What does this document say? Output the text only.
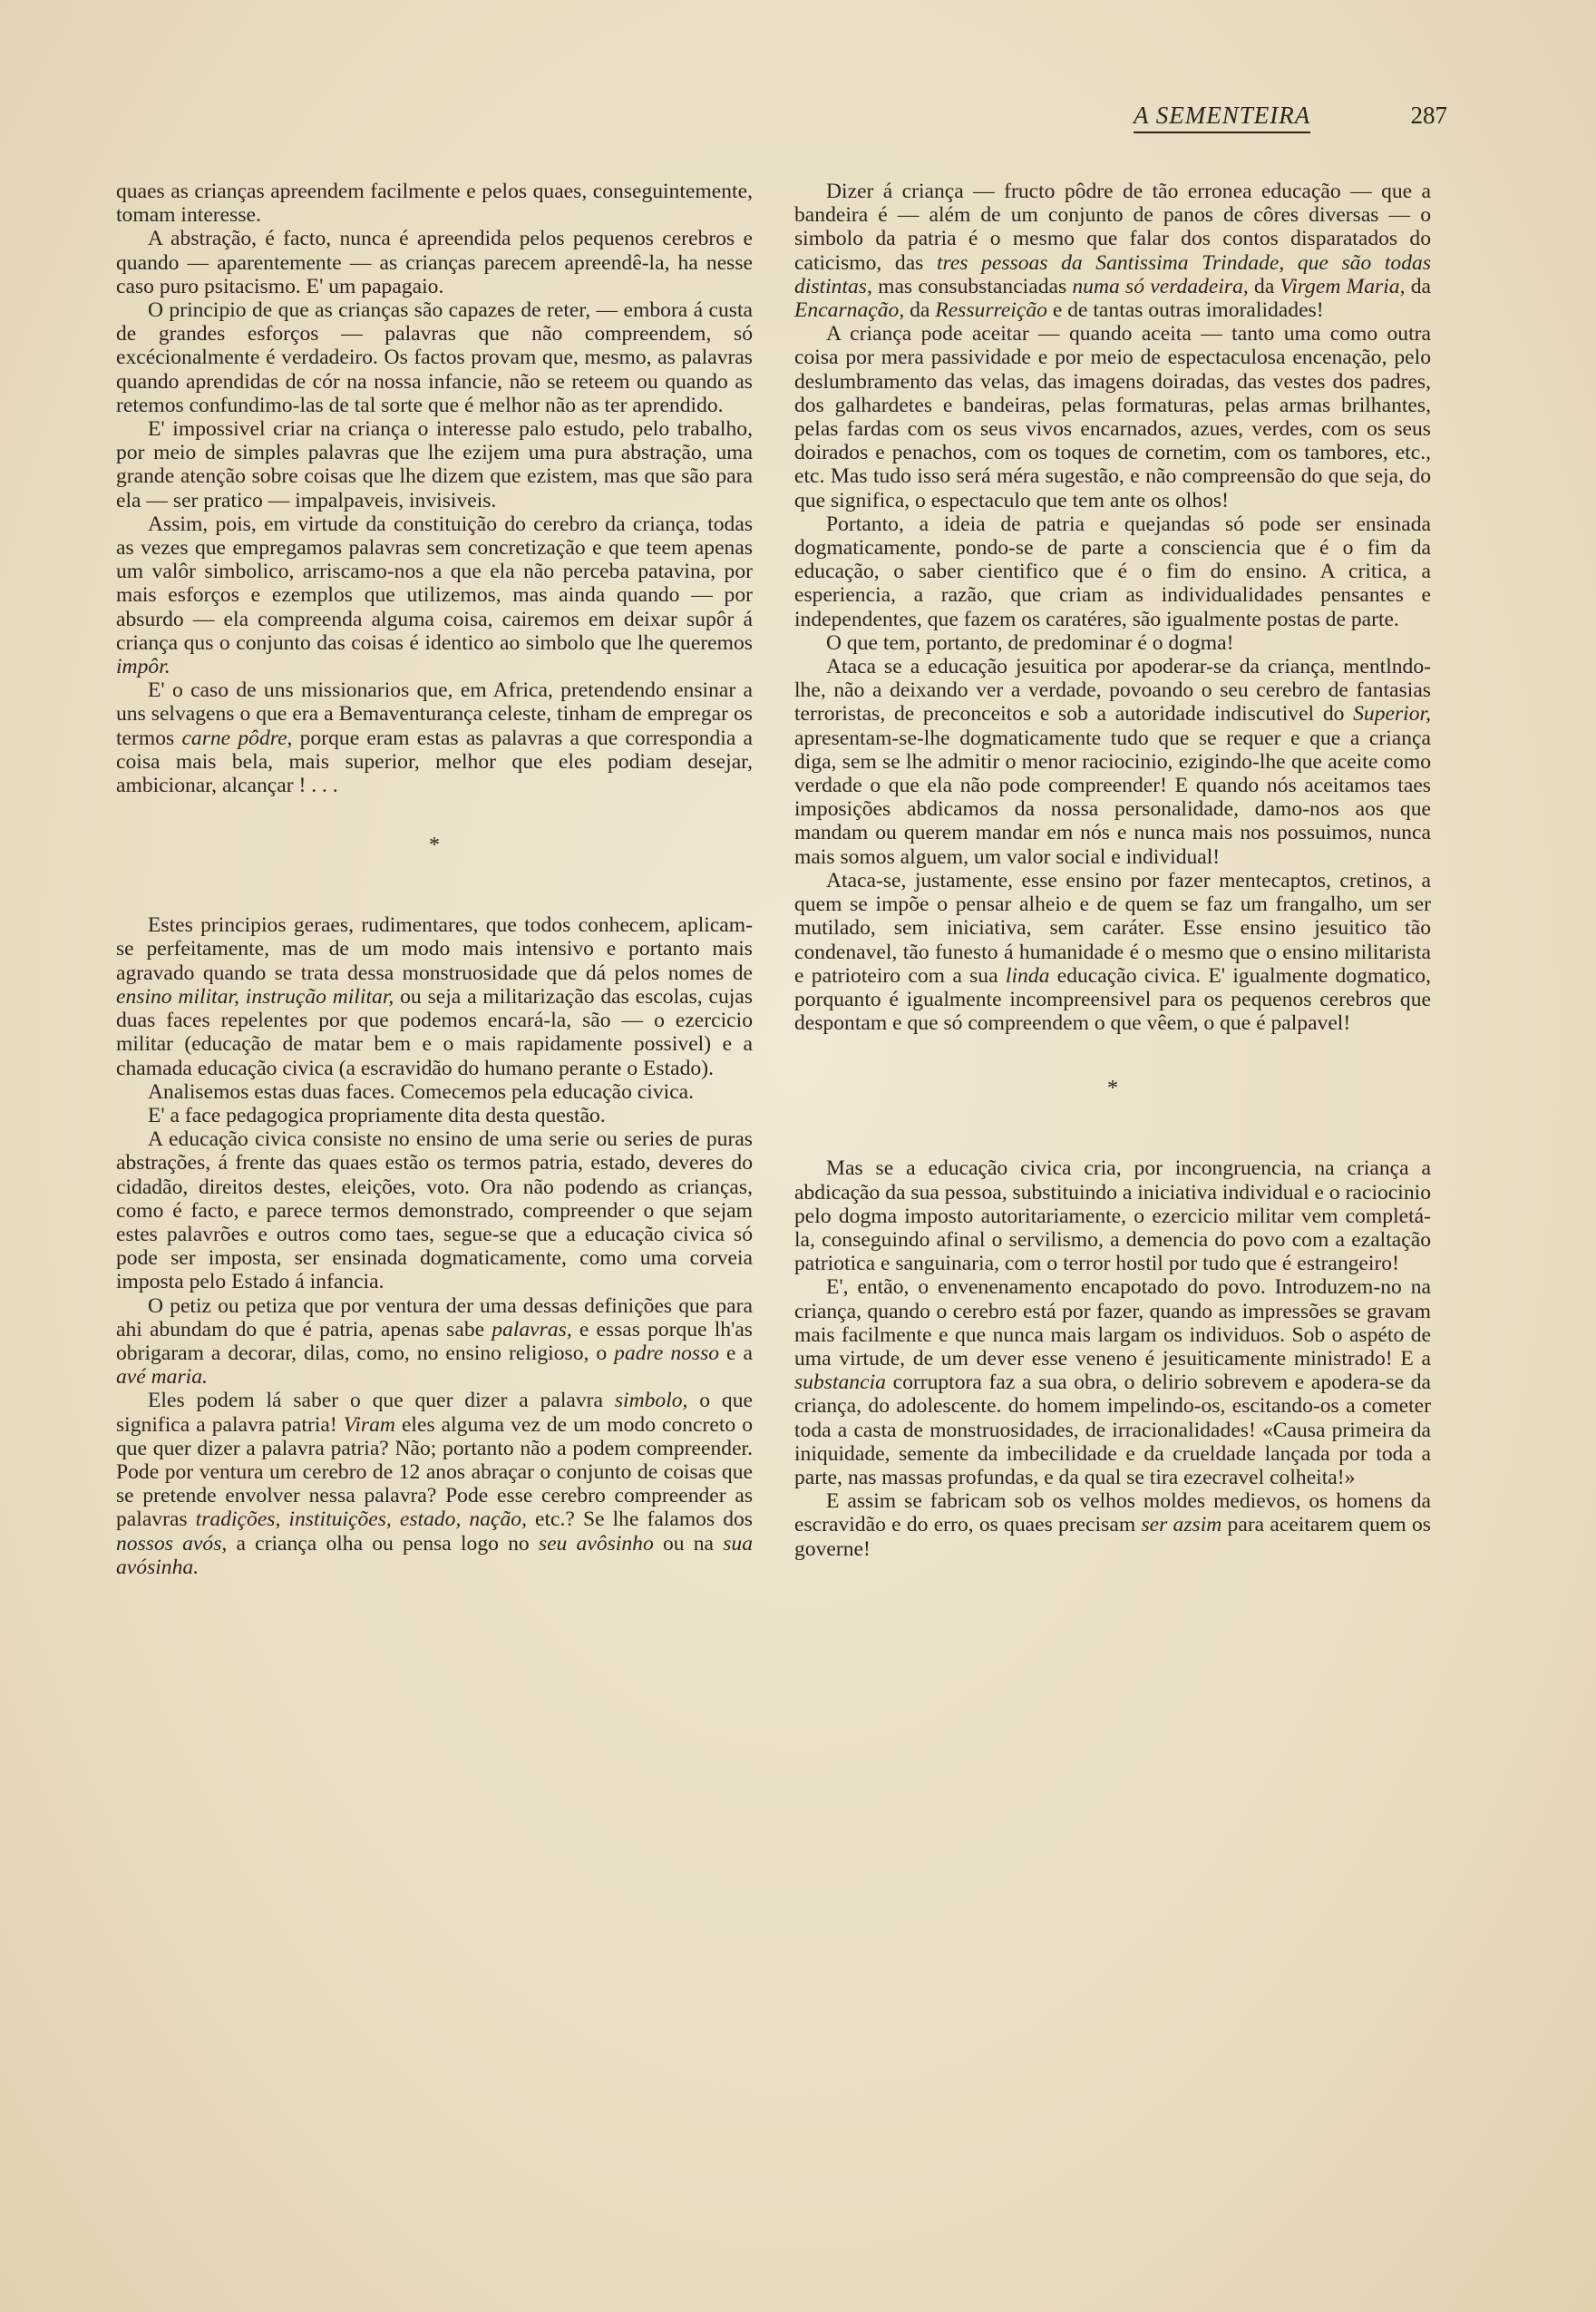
A SEMENTEIRA	287

quaes as crianças apreendem facilmente e pelos quaes, conseguintemente, tomam interesse.

A abstração, é facto, nunca é apreendida pelos pequenos cerebros e quando — aparentemente — as crianças parecem apreendê-la, ha nesse caso puro psitacismo. E' um papagaio.

O principio de que as crianças são capazes de reter, — embora á custa de grandes esforços — palavras que não compreendem, só excécionalmente é verdadeiro. Os factos provam que, mesmo, as palavras quando aprendidas de cór na nossa infancie, não se reteem ou quando as retemos confundimo-las de tal sorte que é melhor não as ter aprendido.

E' impossivel criar na criança o interesse palo estudo, pelo trabalho, por meio de simples palavras que lhe ezijem uma pura abstração, uma grande atenção sobre coisas que lhe dizem que ezistem, mas que são para ela — ser pratico — impalpaveis, invisiveis.

Assim, pois, em virtude da constituição do cerebro da criança, todas as vezes que empregamos palavras sem concretização e que teem apenas um valôr simbolico, arriscamo-nos a que ela não perceba patavina, por mais esforços e ezemplos que utilizemos, mas ainda quando — por absurdo — ela compreenda alguma coisa, cairemos em deixar supôr á criança qus o conjunto das coisas é identico ao simbolo que lhe queremos impôr.

E' o caso de uns missionarios que, em Africa, pretendendo ensinar a uns selvagens o que era a Bemaventurança celeste, tinham de empregar os termos carne pôdre, porque eram estas as palavras a que correspondia a coisa mais bela, mais superior, melhor que eles podiam desejar, ambicionar, alcançar ! . . .

*

Estes principios geraes, rudimentares, que todos conhecem, aplicam-se perfeitamente, mas de um modo mais intensivo e portanto mais agravado quando se trata dessa monstruosidade que dá pelos nomes de ensino militar, instrução militar, ou seja a militarização das escolas, cujas duas faces repelentes por que podemos encará-la, são — o ezercicio militar (educação de matar bem e o mais rapidamente possivel) e a chamada educação civica (a escravidão do humano perante o Estado).

Analisemos estas duas faces. Comecemos pela educação civica.

E' a face pedagogica propriamente dita desta questão.

A educação civica consiste no ensino de uma serie ou series de puras abstrações, á frente das quaes estão os termos patria, estado, deveres do cidadão, direitos destes, eleições, voto. Ora não podendo as crianças, como é facto, e parece termos demonstrado, compreender o que sejam estes palavrões e outros como taes, segue-se que a educação civica só pode ser imposta, ser ensinada dogmaticamente, como uma corveia imposta pelo Estado á infancia.

O petiz ou petiza que por ventura der uma dessas definições que para ahi abundam do que é patria, apenas sabe palavras, e essas porque lh'as obrigaram a decorar, dilas, como, no ensino religioso, o padre nosso e a avé maria.

Eles podem lá saber o que quer dizer a palavra simbolo, o que significa a palavra patria! Viram eles alguma vez de um modo concreto o que quer dizer a palavra patria? Não; portanto não a podem compreender. Pode por ventura um cerebro de 12 anos abraçar o conjunto de coisas que se pretende envolver nessa palavra? Pode esse cerebro compreender as palavras tradições, instituições, estado, nação, etc.? Se lhe falamos dos nossos avós, a criança olha ou pensa logo no seu avôsinho ou na sua avósinha.

Dizer á criança — fructo pôdre de tão erronea educação — que a bandeira é — além de um conjunto de panos de côres diversas — o simbolo da patria é o mesmo que falar dos contos disparatados do caticismo, das tres pessoas da Santissima Trindade, que são todas distintas, mas consubstanciadas numa só verdadeira, da Virgem Maria, da Encarnação, da Ressurreição e de tantas outras imoralidades!

A criança pode aceitar — quando aceita — tanto uma como outra coisa por mera passividade e por meio de espectaculosa encenação, pelo deslumbramento das velas, das imagens doiradas, das vestes dos padres, dos galhardetes e bandeiras, pelas formaturas, pelas armas brilhantes, pelas fardas com os seus vivos encarnados, azues, verdes, com os seus doirados e penachos, com os toques de cornetim, com os tambores, etc., etc. Mas tudo isso será méra sugestão, e não compreensão do que seja, do que significa, o espectaculo que tem ante os olhos!

Portanto, a ideia de patria e quejandas só pode ser ensinada dogmaticamente, pondo-se de parte a consciencia que é o fim da educação, o saber cientifico que é o fim do ensino. A critica, a esperiencia, a razão, que criam as individualidades pensantes e independentes, que fazem os caratéres, são igualmente postas de parte.

O que tem, portanto, de predominar é o dogma!

Ataca se a educação jesuitica por apoderar-se da criança, mentlndo-lhe, não a deixando ver a verdade, povoando o seu cerebro de fantasias terroristas, de preconceitos e sob a autoridade indiscutivel do Superior, apresentam-se-lhe dogmaticamente tudo que se requer e que a criança diga, sem se lhe admitir o menor raciocinio, ezigindo-lhe que aceite como verdade o que ela não pode compreender! E quando nós aceitamos taes imposições abdicamos da nossa personalidade, damo-nos aos que mandam ou querem mandar em nós e nunca mais nos possuimos, nunca mais somos alguem, um valor social e individual!

Ataca-se, justamente, esse ensino por fazer mentecaptos, cretinos, a quem se impõe o pensar alheio e de quem se faz um frangalho, um ser mutilado, sem iniciativa, sem caráter. Esse ensino jesuitico tão condenavel, tão funesto á humanidade é o mesmo que o ensino militarista e patrioteiro com a sua linda educação civica. E' igualmente dogmatico, porquanto é igualmente incompreensivel para os pequenos cerebros que despontam e que só compreendem o que vêem, o que é palpavel!

*

Mas se a educação civica cria, por incongruencia, na criança a abdicação da sua pessoa, substituindo a iniciativa individual e o raciocinio pelo dogma imposto autoritariamente, o ezercicio militar vem completá-la, conseguindo afinal o servilismo, a demencia do povo com a ezaltação patriotica e sanguinaria, com o terror hostil por tudo que é estrangeiro!

E', então, o envenenamento encapotado do povo. Introduzem-no na criança, quando o cerebro está por fazer, quando as impressões se gravam mais facilmente e que nunca mais largam os individuos. Sob o aspéto de uma virtude, de um dever esse veneno é jesuiticamente ministrado! E a substancia corruptora faz a sua obra, o delirio sobrevem e apodera-se da criança, do adolescente. do homem impelindo-os, escitando-os a cometer toda a casta de monstruosidades, de irracionalidades! «Causa primeira da iniquidade, semente da imbecilidade e da crueldade lançada por toda a parte, nas massas profundas, e da qual se tira ezecravel colheita!»

E assim se fabricam sob os velhos moldes medievos, os homens da escravidão e do erro, os quaes precisam ser azsim para aceitarem quem os governe!
